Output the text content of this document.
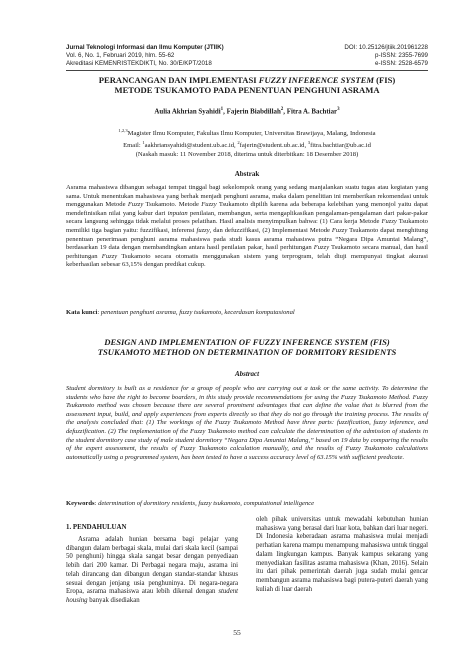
Jurnal Teknologi Informasi dan Ilmu Komputer (JTIIK)
Vol. 6, No. 1, Februari 2019, hlm. 55-62
Akreditasi KEMENRISTEKDIKTI, No. 30/E/KPT/2018
DOI: 10.25126/jtiik.201961228
p-ISSN: 2355-7699
e-ISSN: 2528-6579
PERANCANGAN DAN IMPLEMENTASI FUZZY INFERENCE SYSTEM (FIS)
METODE TSUKAMOTO PADA PENENTUAN PENGHUNI ASRAMA
Aulia Akhrian Syahidi$^1$, Fajerin Biabdillah$^2$, Fitra A. Bachtiar$^3$
$^{1,2,3}$Magister Ilmu Komputer, Fakultas Ilmu Komputer, Universitas Brawijaya, Malang, Indonesia
Email: $^1$aakhriansyahidi@student.ub.ac.id, $^2$fajerin@student.ub.ac.id, $^3$fitra.bachtiar@ub.ac.id
(Naskah masuk: 11 November 2018, diterima untuk diterbitkan: 18 Desember 2018)
Abstrak
Asrama mahasiswa dibangun sebagai tempat tinggal bagi sekelompok orang yang sedang manjalankan suatu tugas atau kegiatan yang sama. Untuk menentukan mahasiswa yang berhak menjadi penghuni asrama, maka dalam penelitian ini memberikan rekomendasi untuk menggunakan Metode Fuzzy Tsukamoto. Metode Fuzzy Tsukamoto dipilih karena ada beberapa kelebihan yang menonjol yaitu dapat mendefinisikan nilai yang kabur dari inputan penilaian, membangun, serta mengaplikasikan pengalaman-pengalaman dari pakar-pakar secara langsung sehingga tidak melalui proses pelatihan. Hasil analisis menyimpulkan bahwa: (1) Cara kerja Metode Fuzzy Tsukamoto memiliki tiga bagian yaitu: fuzzifikasi, inferensi fuzzy, dan defuzzifikasi, (2) Implementasi Metode Fuzzy Tsukamoto dapat menghitung penentuan penerimaan penghuni asrama mahasiswa pada studi kasus asrama mahasiswa putra “Negara Dipa Amuntai Malang”, berdasarkan 19 data dengan membandingkan antara hasil penilaian pakar, hasil perhitungan Fuzzy Tsukamoto secara manual, dan hasil perhitungan Fuzzy Tsukamoto secara otomatis menggunakan sistem yang terprogram, telah diuji mempunyai tingkat akurasi keberhasilan sebesar 63,15% dengan predikat cukup.
Kata kunci: penentuan penghuni asrama, fuzzy tsukamoto, kecerdasan komputasional
DESIGN AND IMPLEMENTATION OF FUZZY INFERENCE SYSTEM (FIS)
TSUKAMOTO METHOD ON DETERMINATION OF DORMITORY RESIDENTS
Abstract
Student dormitory is built as a residence for a group of people who are carrying out a task or the same activity. To determine the students who have the right to become boarders, in this study provide recommendations for using the Fuzzy Tsukamoto Method. Fuzzy Tsukamoto method was chosen because there are several prominent advantages that can define the value that is blurred from the assessment input, build, and apply experiences from experts directly so that they do not go through the training process. The results of the analysis concluded that: (1) The workings of the Fuzzy Tsukamoto Method have three parts: fuzzification, fuzzy inference, and defuzzification. (2) The implementation of the Fuzzy Tsukamoto method can calculate the determination of the admission of students in the student dormitory case study of male student dormitory “Negara Dipa Amuntai Malang,” based on 19 data by comparing the results of the expert assessment, the results of Fuzzy Tsukamoto calculation manually, and the results of Fuzzy Tsukamoto calculations automatically using a programmed system, has been tested to have a success accuracy level of 63.15% with sufficient predicate.
Keywords: determination of dormitory residents, fuzzy tsukamoto, computational intelligence
1. PENDAHULUAN
Asrama adalah hunian bersama bagi pelajar yang dibangun dalam berbagai skala, mulai dari skala kecil (sampai 50 penghuni) hingga skala sangat besar dengan penyediaan lebih dari 200 kamar. Di Perbagai negara maju, asrama ini telah dirancang dan dibangun dengan standar-standar khusus sesuai dengan jenjang usia penghuninya. Di negara-negara Eropa, asrama mahasiswa atau lebih dikenal dengan student housing banyak disediakan
oleh pihak universitas untuk mewadahi kebutuhan hunian mahasiswa yang berasal dari luar kota, bahkan dari luar negeri. Di Indonesia keberadaan asrama mahasiswa mulai menjadi perhatian karena mampu menampung mahasiswa untuk tinggal dalam lingkungan kampus. Banyak kampus sekarang yang menyediakan fasilitas asrama mahasiswa (Khan, 2016). Selain itu dari pihak pemerintah daerah juga sudah mulai gencar membangun asrama mahasiswa bagi putera-puteri daerah yang kuliah di luar daerah
55
